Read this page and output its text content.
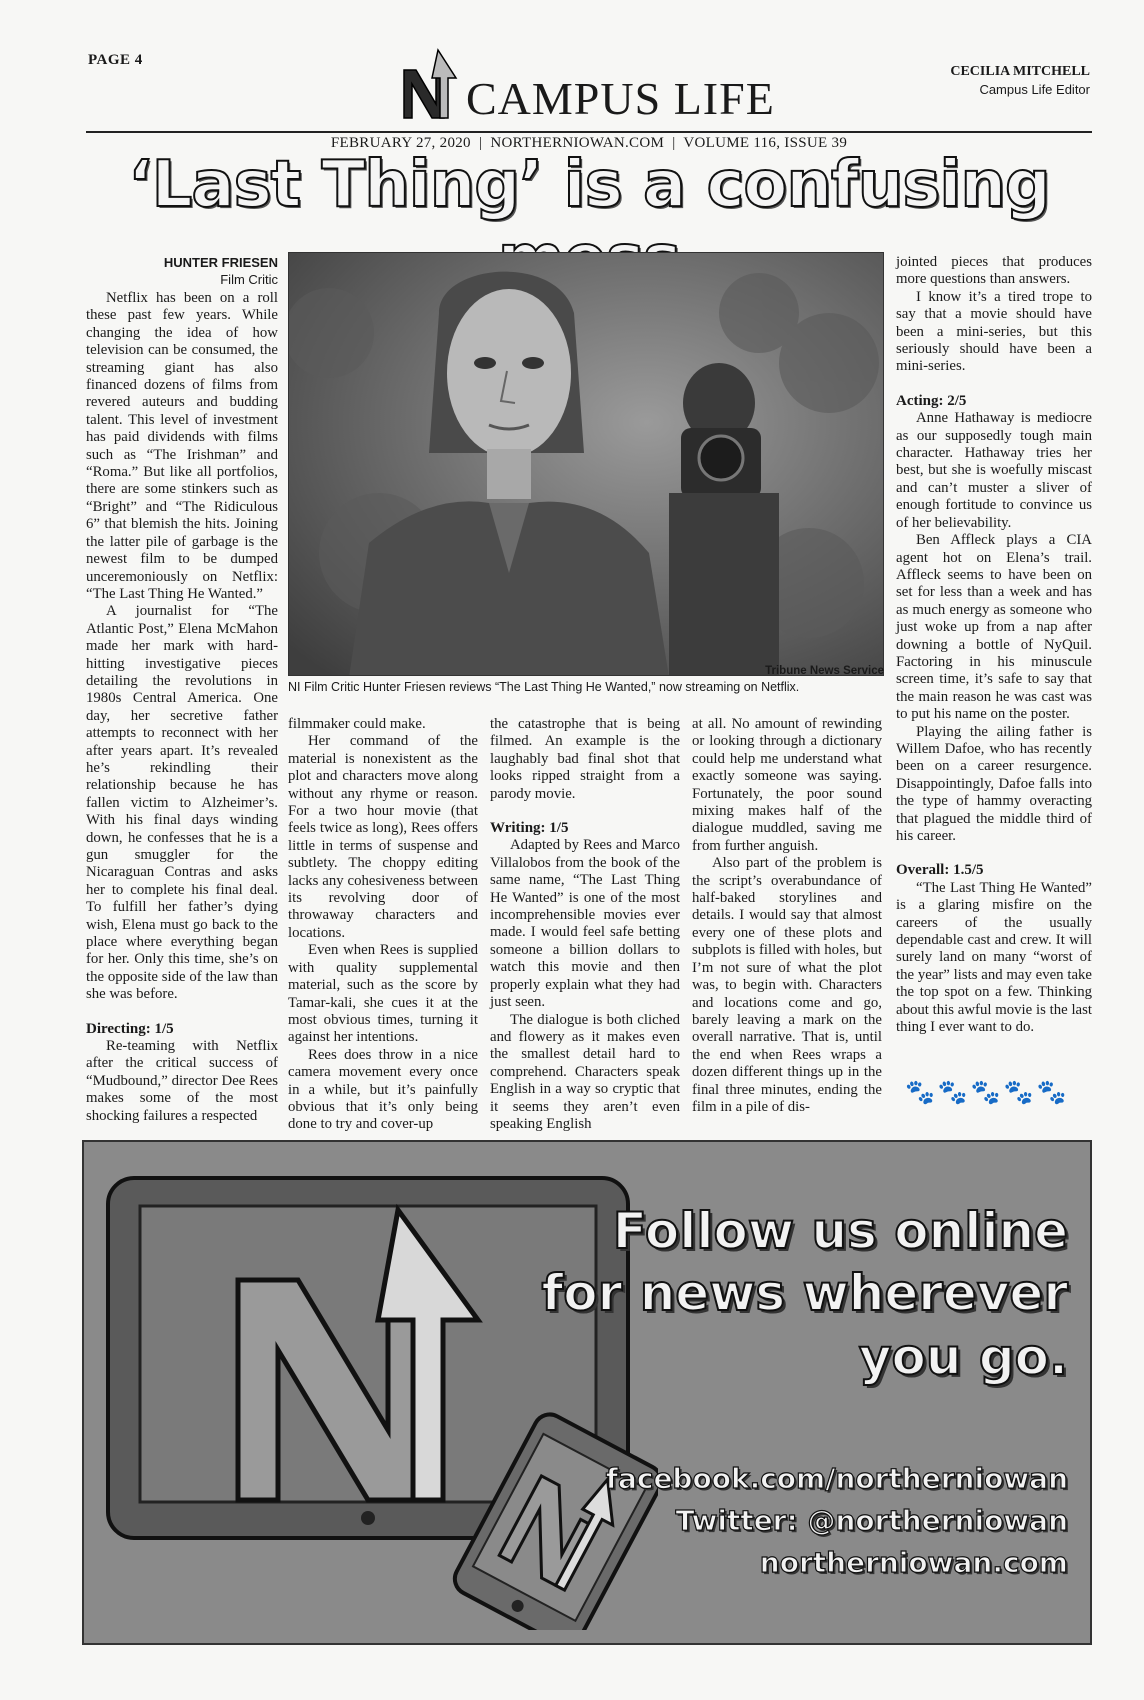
PAGE 4
CAMPUS LIFE
CECILIA MITCHELL
Campus Life Editor
FEBRUARY 27, 2020  |  NORTHERNIOWAN.COM  |  VOLUME 116, ISSUE 39
‘Last Thing’ is a confusing
HUNTER FRIESEN
Film Critic

Netflix has been on a roll these past few years. While changing the idea of how television can be consumed, the streaming giant has also financed dozens of films from revered auteurs and budding talent. This level of investment has paid dividends with films such as “The Irishman” and “Roma.” But like all portfolios, there are some stinkers such as “Bright” and “The Ridiculous 6” that blemish the hits. Joining the latter pile of garbage is the newest film to be dumped unceremoniously on Netflix: “The Last Thing He Wanted.”

A journalist for “The Atlantic Post,” Elena McMahon made her mark with hard-hitting investigative pieces detailing the revolutions in 1980s Central America. One day, her secretive father attempts to reconnect with her after years apart. It’s revealed he’s rekindling their relationship because he has fallen victim to Alzheimer’s. With his final days winding down, he confesses that he is a gun smuggler for the Nicaraguan Contras and asks her to complete his final deal. To fulfill her father’s dying wish, Elena must go back to the place where everything began for her. Only this time, she’s on the opposite side of the law than she was before.

Directing: 1/5

Re-teaming with Netflix after the critical success of “Mudbound,” director Dee Rees makes some of the most shocking failures a respected

Tribune News Service
NI Film Critic Hunter Friesen reviews “The Last Thing He Wanted,” now streaming on Netflix.

filmmaker could make.

Her command of the material is nonexistent as the plot and characters move along without any rhyme or reason. For a two hour movie (that feels twice as long), Rees offers little in terms of suspense and subtlety. The choppy editing lacks any cohesiveness between its revolving door of throwaway characters and locations.

Even when Rees is supplied with quality supplemental material, such as the score by Tamar-kali, she cues it at the most obvious times, turning it against her intentions.

Rees does throw in a nice camera movement every once in a while, but it’s painfully obvious that it’s only being done to try and cover-up

the catastrophe that is being filmed. An example is the laughably bad final shot that looks ripped straight from a parody movie.

Writing: 1/5

Adapted by Rees and Marco Villalobos from the book of the same name, “The Last Thing He Wanted” is one of the most incomprehensible movies ever made. I would feel safe betting someone a billion dollars to watch this movie and then properly explain what they had just seen.

The dialogue is both cliched and flowery as it makes even the smallest detail hard to comprehend. Characters speak English in a way so cryptic that it seems they aren’t even speaking English

at all. No amount of rewinding or looking through a dictionary could help me understand what exactly someone was saying. Fortunately, the poor sound mixing makes half of the dialogue muddled, saving me from further anguish.

Also part of the problem is the script’s overabundance of half-baked storylines and details. I would say that almost every one of these plots and subplots is filled with holes, but I’m not sure of what the plot was, to begin with. Characters and locations come and go, barely leaving a mark on the overall narrative. That is, until the end when Rees wraps a dozen different things up in the final three minutes, ending the film in a pile of dis-

jointed pieces that produces more questions than answers.

I know it’s a tired trope to say that a movie should have been a mini-series, but this seriously should have been a mini-series.

Acting: 2/5

Anne Hathaway is mediocre as our supposedly tough main character. Hathaway tries her best, but she is woefully miscast and can’t muster a sliver of enough fortitude to convince us of her believability.

Ben Affleck plays a CIA agent hot on Elena’s trail. Affleck seems to have been on set for less than a week and has as much energy as someone who just woke up from a nap after downing a bottle of NyQuil. Factoring in his minuscule screen time, it’s safe to say that the main reason he was cast was to put his name on the poster.

Playing the ailing father is Willem Dafoe, who has recently been on a career resurgence. Disappointingly, Dafoe falls into the type of hammy overacting that plagued the middle third of his career.

Overall: 1.5/5

“The Last Thing He Wanted” is a glaring misfire on the careers of the usually dependable cast and crew. It will surely land on many “worst of the year” lists and may even take the top spot on a few. Thinking about this awful movie is the last thing I ever want to do.

🐾🐾🐾🐾🐾
Follow us online
for news wherever
you go.
facebook.com/northerniowan
Twitter: @northerniowan
northerniowan.com
